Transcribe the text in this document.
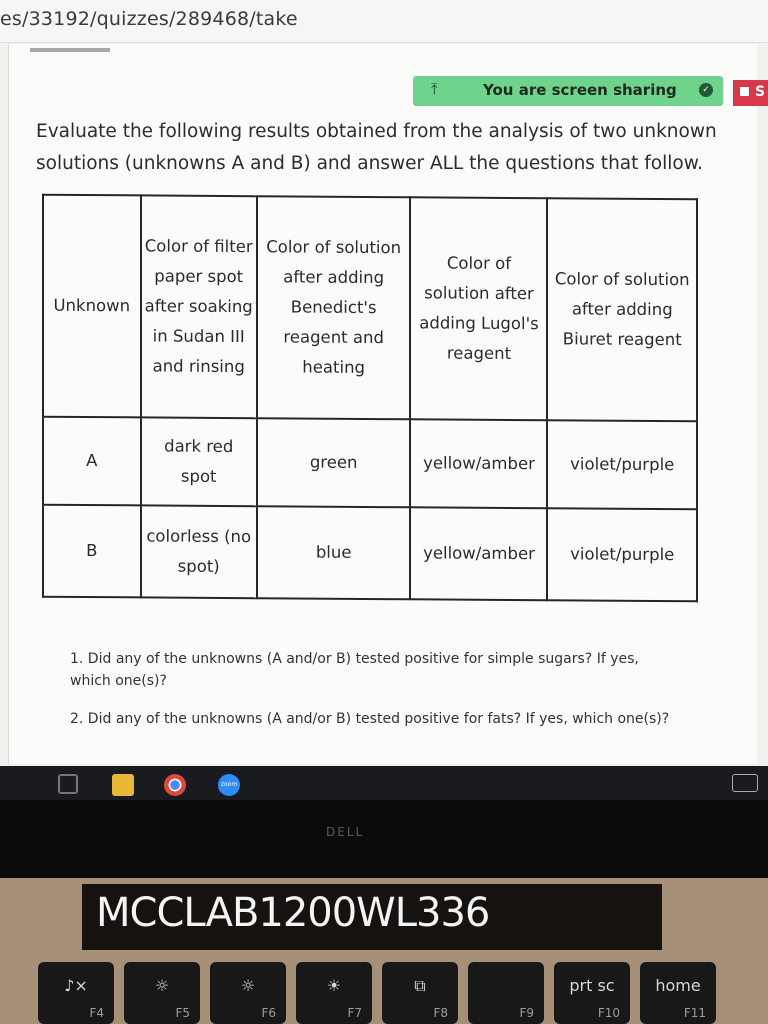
es/33192/quizzes/289468/take
⤒	You are screen sharing	✓	S
Evaluate the following results obtained from the analysis of two unknown solutions (unknowns A and B) and answer ALL the questions that follow.
Unknown	Color of filter paper spot after soaking in Sudan III and rinsing	Color of solution after adding Benedict's reagent and heating	Color of solution after adding Lugol's reagent	Color of solution after adding Biuret reagent
A	dark red spot	green	yellow/amber	violet/purple
B	colorless (no spot)	blue	yellow/amber	violet/purple
1. Did any of the unknowns (A and/or B) tested positive for simple sugars? If yes, which one(s)?
2. Did any of the unknowns (A and/or B) tested positive for fats? If yes, which one(s)?
zoom
DELL
MCCLAB1200WL336
♪×
F4
☼
F5
☼
F6
☀
F7
⧉
F8	F9
prt sc
F10
home
F11
